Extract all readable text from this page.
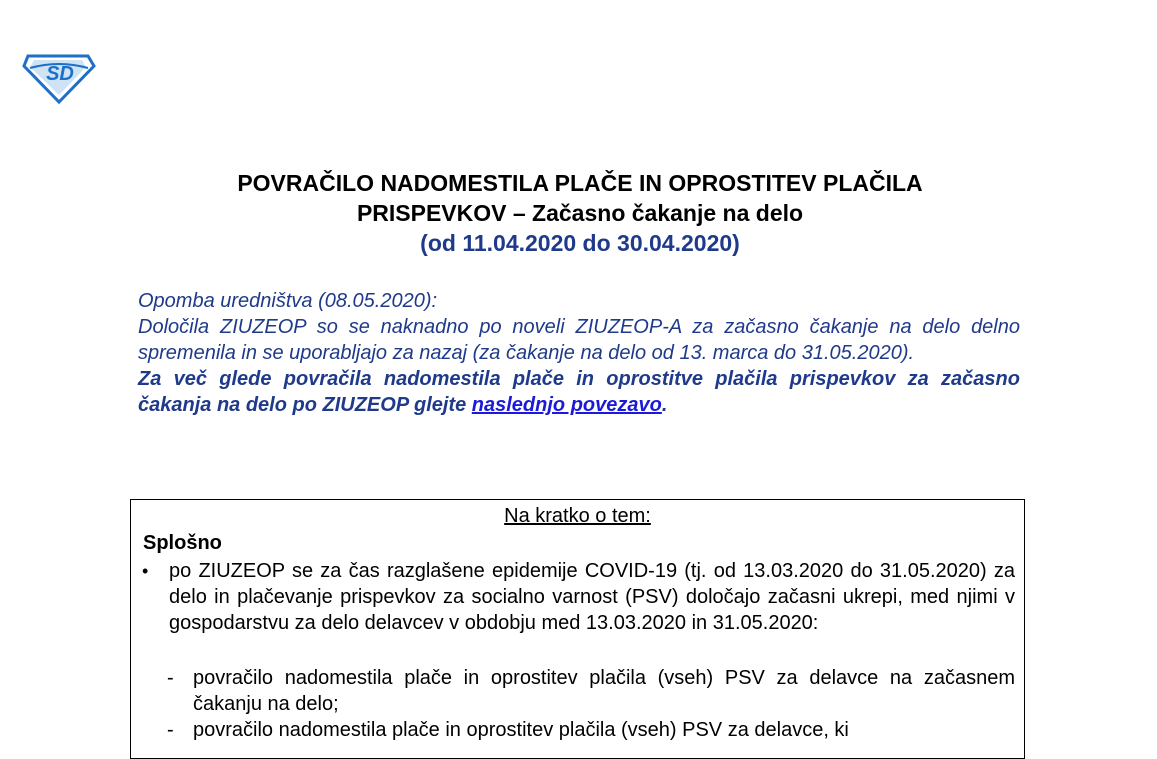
SD
POVRAČILO NADOMESTILA PLAČE IN OPROSTITEV PLAČILA
PRISPEVKOV – Začasno čakanje na delo
(od 11.04.2020 do 30.04.2020)

Opomba uredništva (08.05.2020):

Določila ZIUZEOP so se naknadno po noveli ZIUZEOP-A za začasno čakanje na delo delno spremenila in se uporabljajo za nazaj (za čakanje na delo od 13. marca do 31.05.2020).

Za več glede povračila nadomestila plače in oprostitve plačila prispevkov za začasno čakanja na delo po ZIUZEOP glejte naslednjo povezavo.

Na kratko o tem:
Splošno
• po ZIUZEOP se za čas razglašene epidemije COVID-19 (tj. od 13.03.2020 do 31.05.2020) za delo in plačevanje prispevkov za socialno varnost (PSV) določajo začasni ukrepi, med njimi v gospodarstvu za delo delavcev v obdobju med 13.03.2020 in 31.05.2020:

- povračilo nadomestila plače in oprostitev plačila (vseh) PSV za delavce na začasnem čakanju na delo;
- povračilo nadomestila plače in oprostitev plačila (vseh) PSV za delavce, ki
